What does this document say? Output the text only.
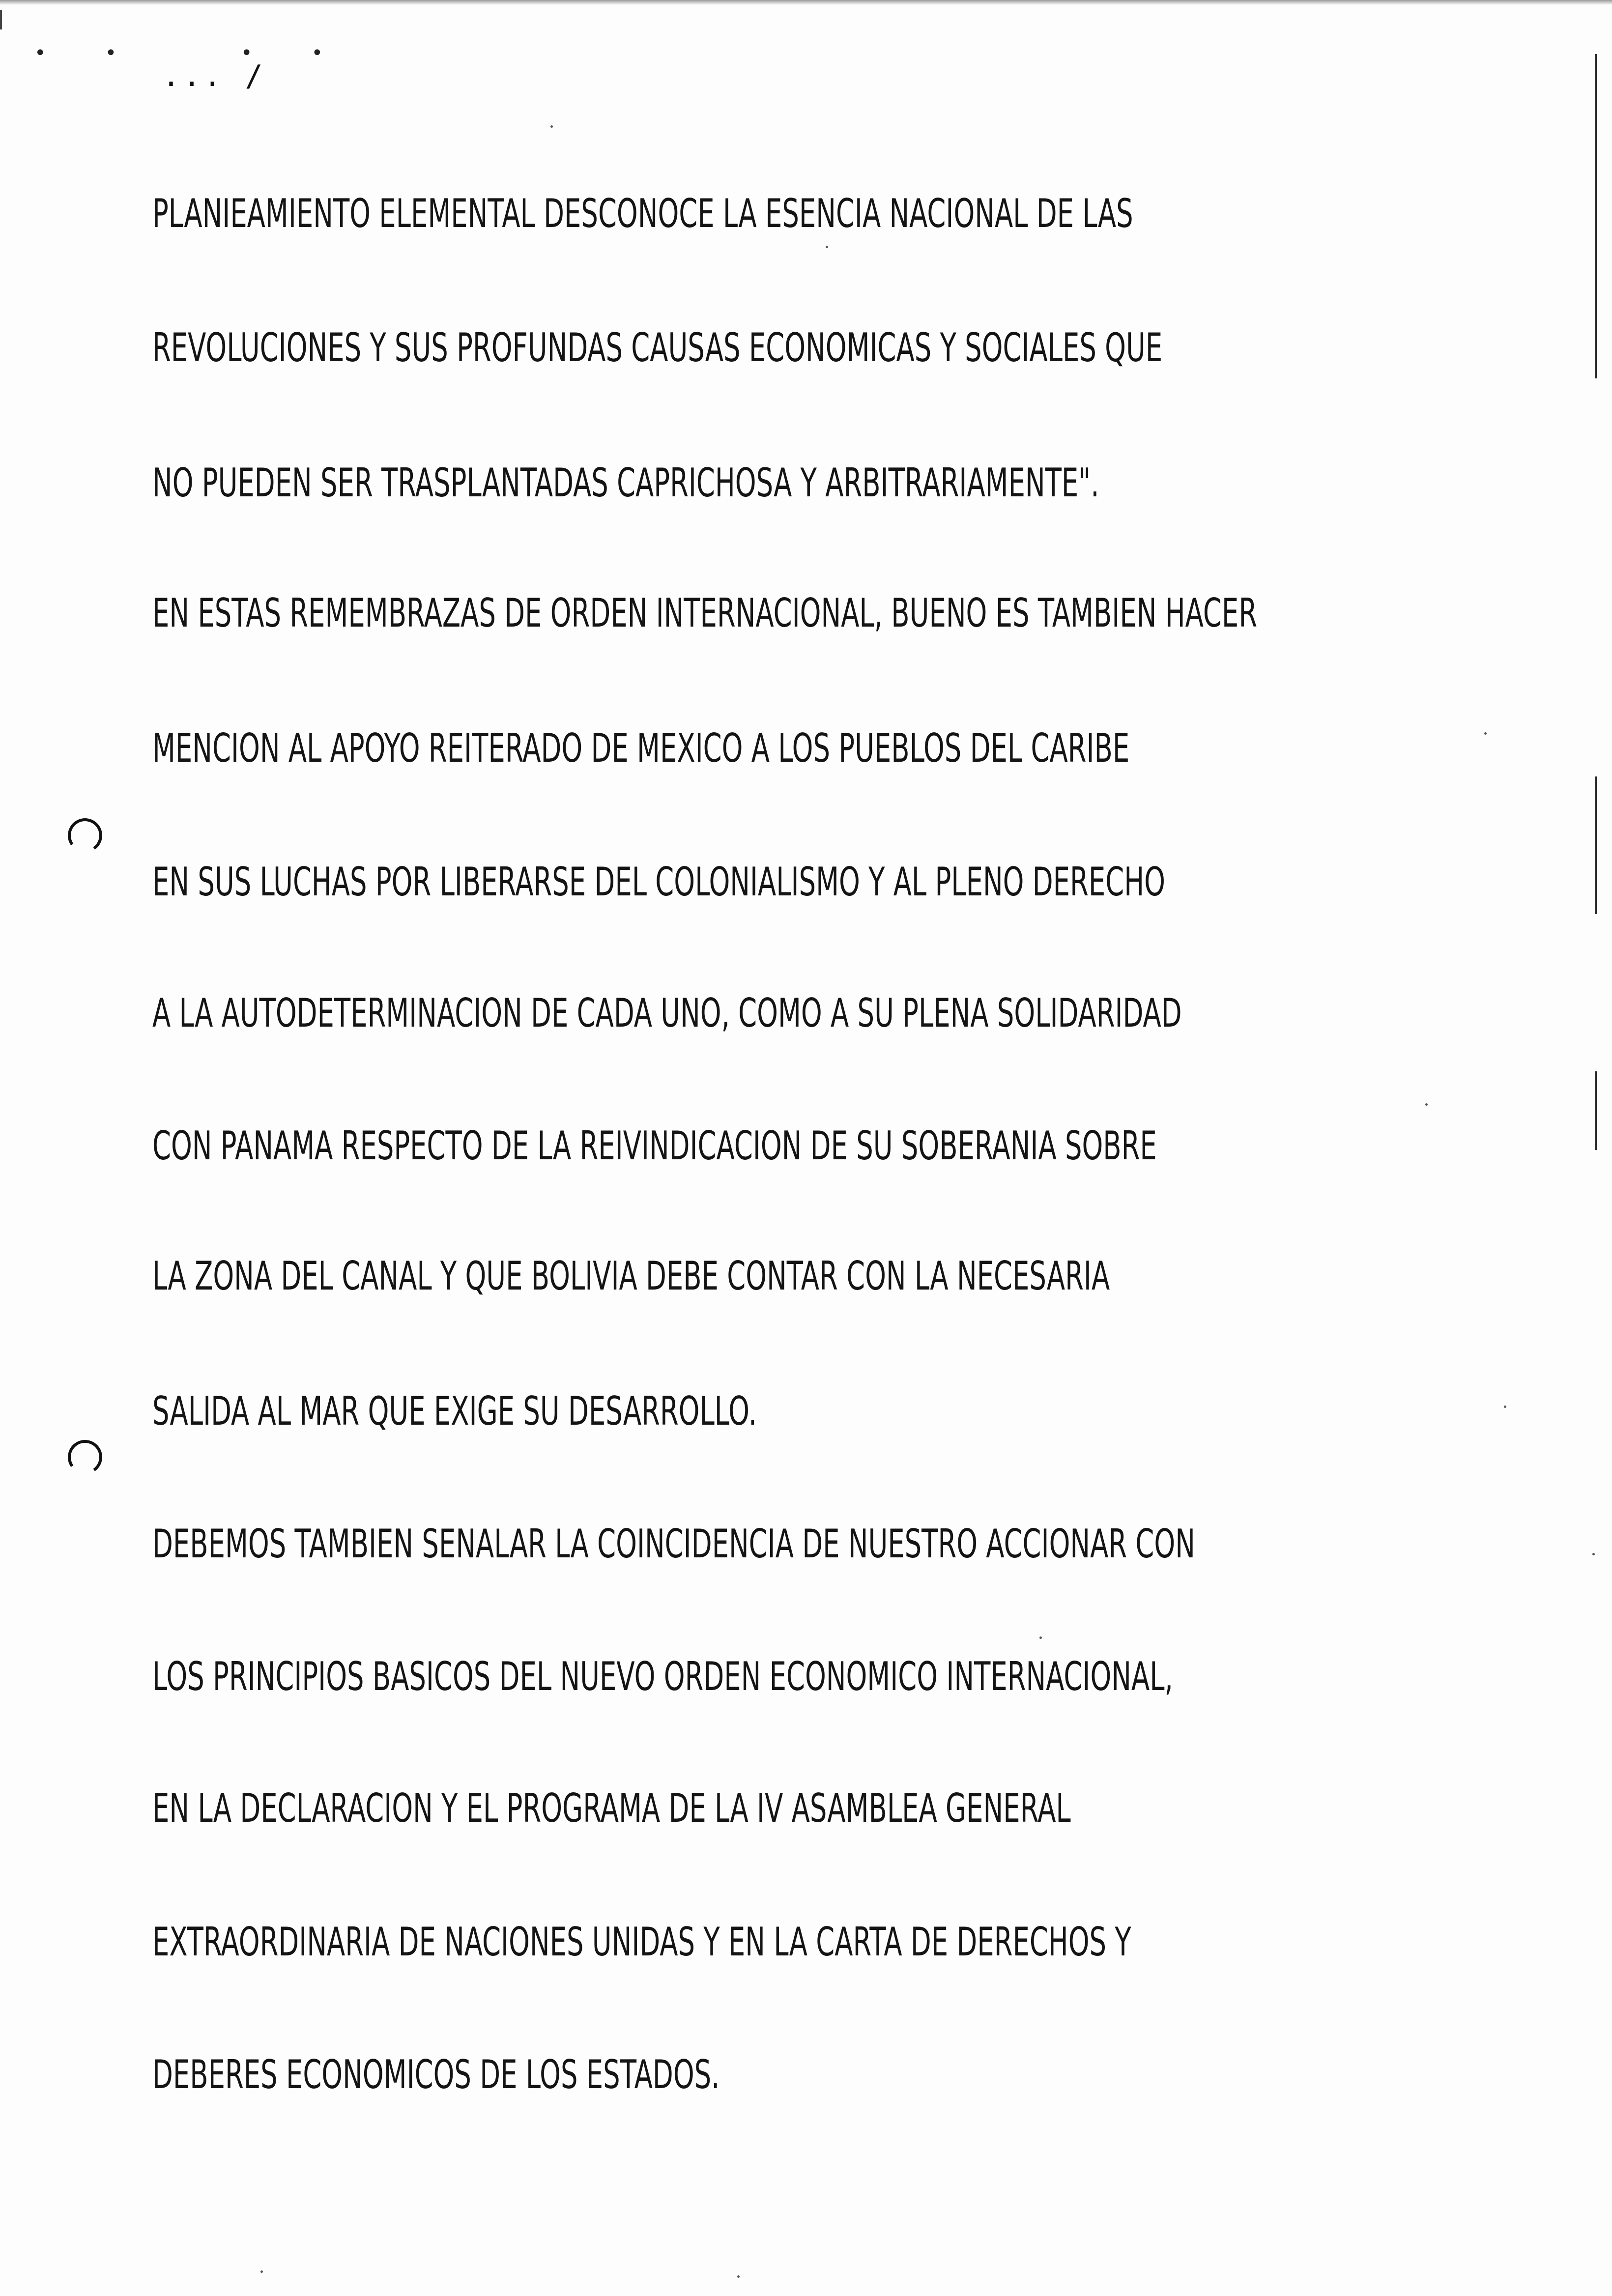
•• ••
... /

PLANIEAMIENTO ELEMENTAL DESCONOCE LA ESENCIA NACIONAL DE LAS

REVOLUCIONES Y SUS PROFUNDAS CAUSAS ECONOMICAS Y SOCIALES QUE

NO PUEDEN SER TRASPLANTADAS CAPRICHOSA Y ARBITRARIAMENTE".

EN ESTAS REMEMBRAZAS DE ORDEN INTERNACIONAL, BUENO ES TAMBIEN HACER

MENCION AL APOYO REITERADO DE MEXICO A LOS PUEBLOS DEL CARIBE

EN SUS LUCHAS POR LIBERARSE DEL COLONIALISMO Y AL PLENO DERECHO

A LA AUTODETERMINACION DE CADA UNO, COMO A SU PLENA SOLIDARIDAD

CON PANAMA RESPECTO DE LA REIVINDICACION DE SU SOBERANIA SOBRE

LA ZONA DEL CANAL Y QUE BOLIVIA DEBE CONTAR CON LA NECESARIA

SALIDA AL MAR QUE EXIGE SU DESARROLLO.

DEBEMOS TAMBIEN SENALAR LA COINCIDENCIA DE NUESTRO ACCIONAR CON

LOS PRINCIPIOS BASICOS DEL NUEVO ORDEN ECONOMICO INTERNACIONAL,

EN LA DECLARACION Y EL PROGRAMA DE LA IV ASAMBLEA GENERAL

EXTRAORDINARIA DE NACIONES UNIDAS Y EN LA CARTA DE DERECHOS Y

DEBERES ECONOMICOS DE LOS ESTADOS.
